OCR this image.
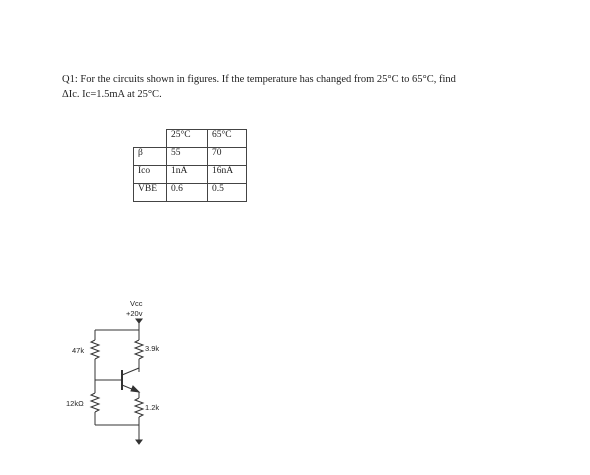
Q1: For the circuits shown in figures. If the temperature has changed from 25°C to 65°C, find

ΔIc. Ic=1.5mA at 25°C.

	25°C	65°C
β	55	70
Ico	1nA	16nA
VBE	0.6	0.5
Vcc
+20v
47k
12kΩ
3.9k
1.2k
